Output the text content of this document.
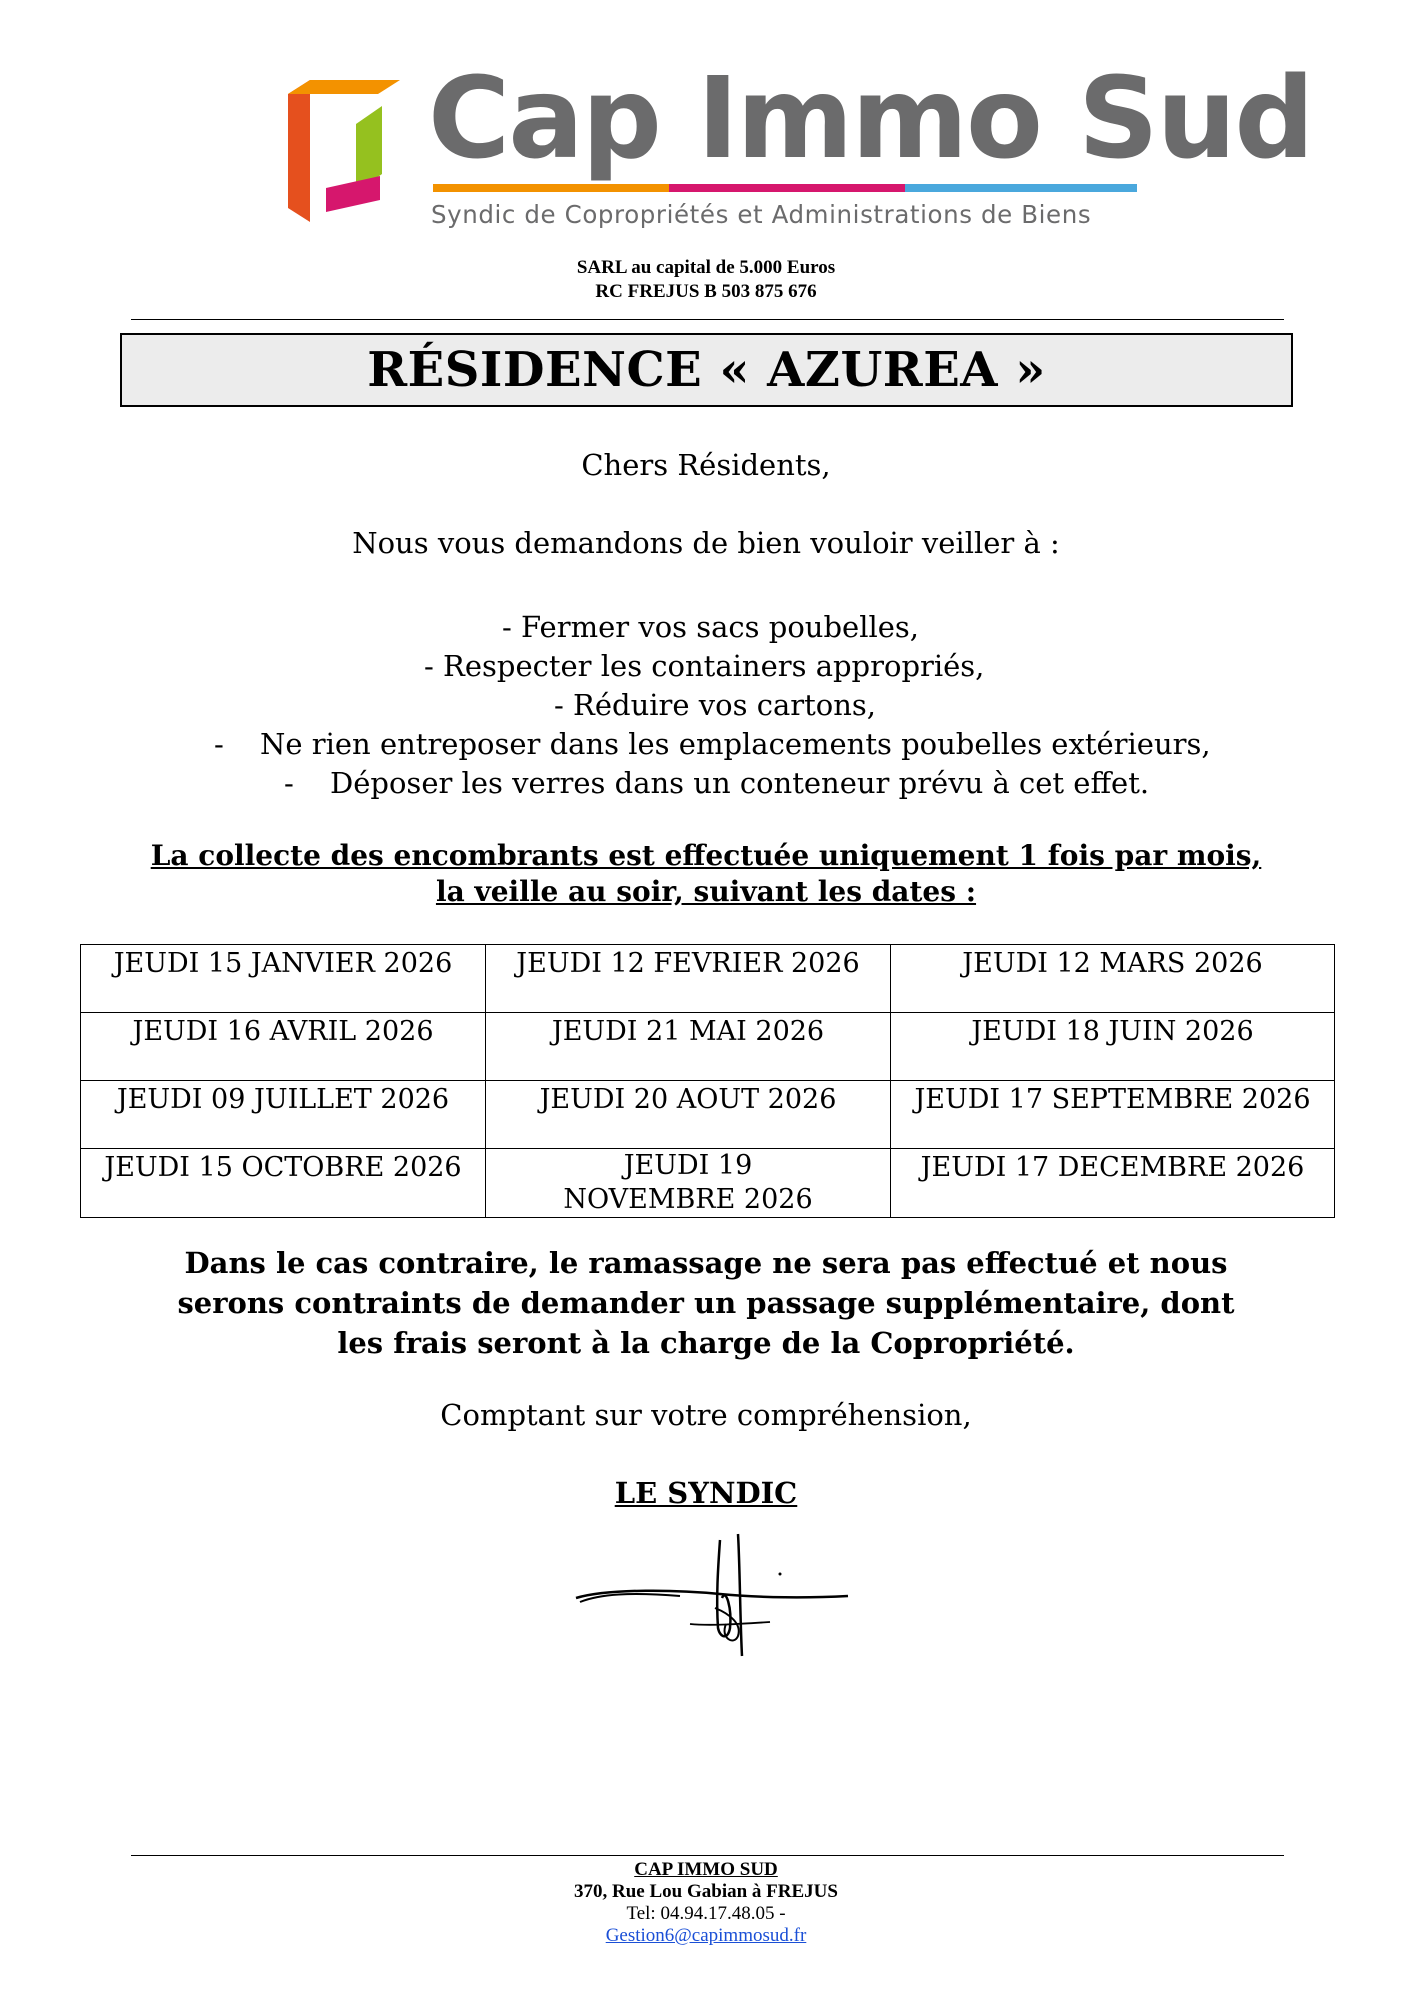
Cap Immo Sud
Syndic de Copropriétés et Administrations de Biens
SARL au capital de 5.000 Euros
RC FREJUS B 503 875 676
RÉSIDENCE « AZUREA »
Chers Résidents,
Nous vous demandons de bien vouloir veiller à :
- Fermer vos sacs poubelles,
- Respecter les containers appropriés,
- Réduire vos cartons,
- Ne rien entreposer dans les emplacements poubelles extérieurs,
- Déposer les verres dans un conteneur prévu à cet effet.
La collecte des encombrants est effectuée uniquement 1 fois par mois,
la veille au soir, suivant les dates :
JEUDI 15 JANVIER 2026	JEUDI 12 FEVRIER 2026	JEUDI 12 MARS 2026
JEUDI 16 AVRIL 2026	JEUDI 21 MAI 2026	JEUDI 18 JUIN 2026
JEUDI 09 JUILLET 2026	JEUDI 20 AOUT 2026	JEUDI 17 SEPTEMBRE 2026
JEUDI 15 OCTOBRE 2026	JEUDI 19 NOVEMBRE 2026	JEUDI 17 DECEMBRE 2026
Dans le cas contraire, le ramassage ne sera pas effectué et nous
serons contraints de demander un passage supplémentaire, dont
les frais seront à la charge de la Copropriété.
Comptant sur votre compréhension,
LE SYNDIC
CAP IMMO SUD
370, Rue Lou Gabian à FREJUS
Tel: 04.94.17.48.05 -
Gestion6@capimmosud.fr
